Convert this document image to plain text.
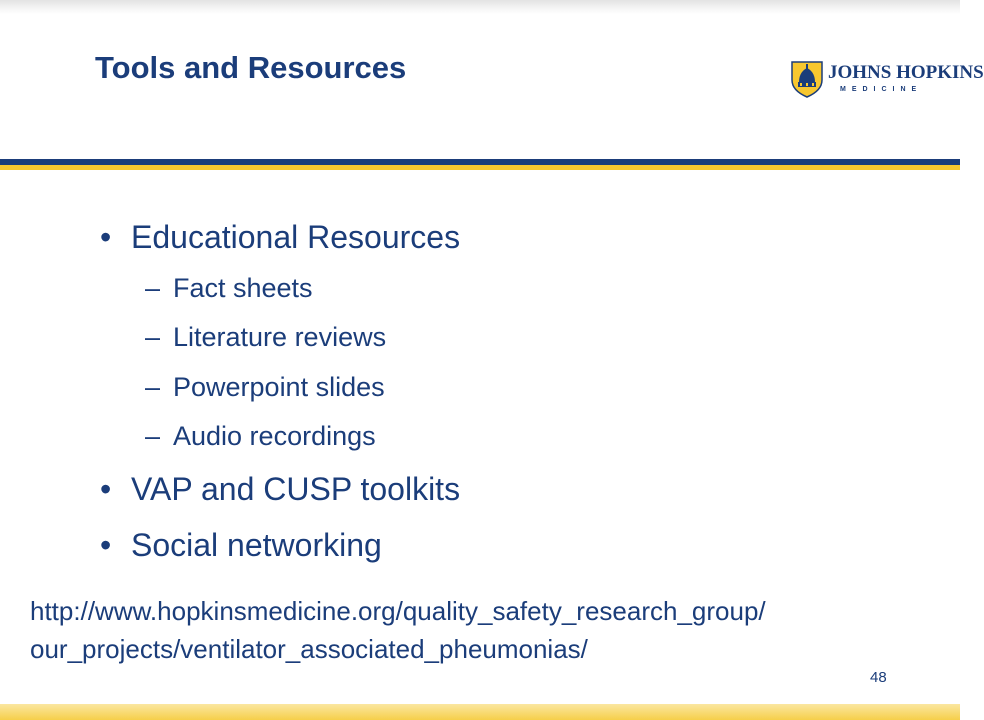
Tools and Resources	JOHNS HOPKINS
MEDICINE
• Educational Resources
– Fact sheets
– Literature reviews
– Powerpoint slides
– Audio recordings
• VAP and CUSP toolkits
• Social networking
http://www.hopkinsmedicine.org/quality_safety_research_group/
our_projects/ventilator_associated_pheumonias/
48
